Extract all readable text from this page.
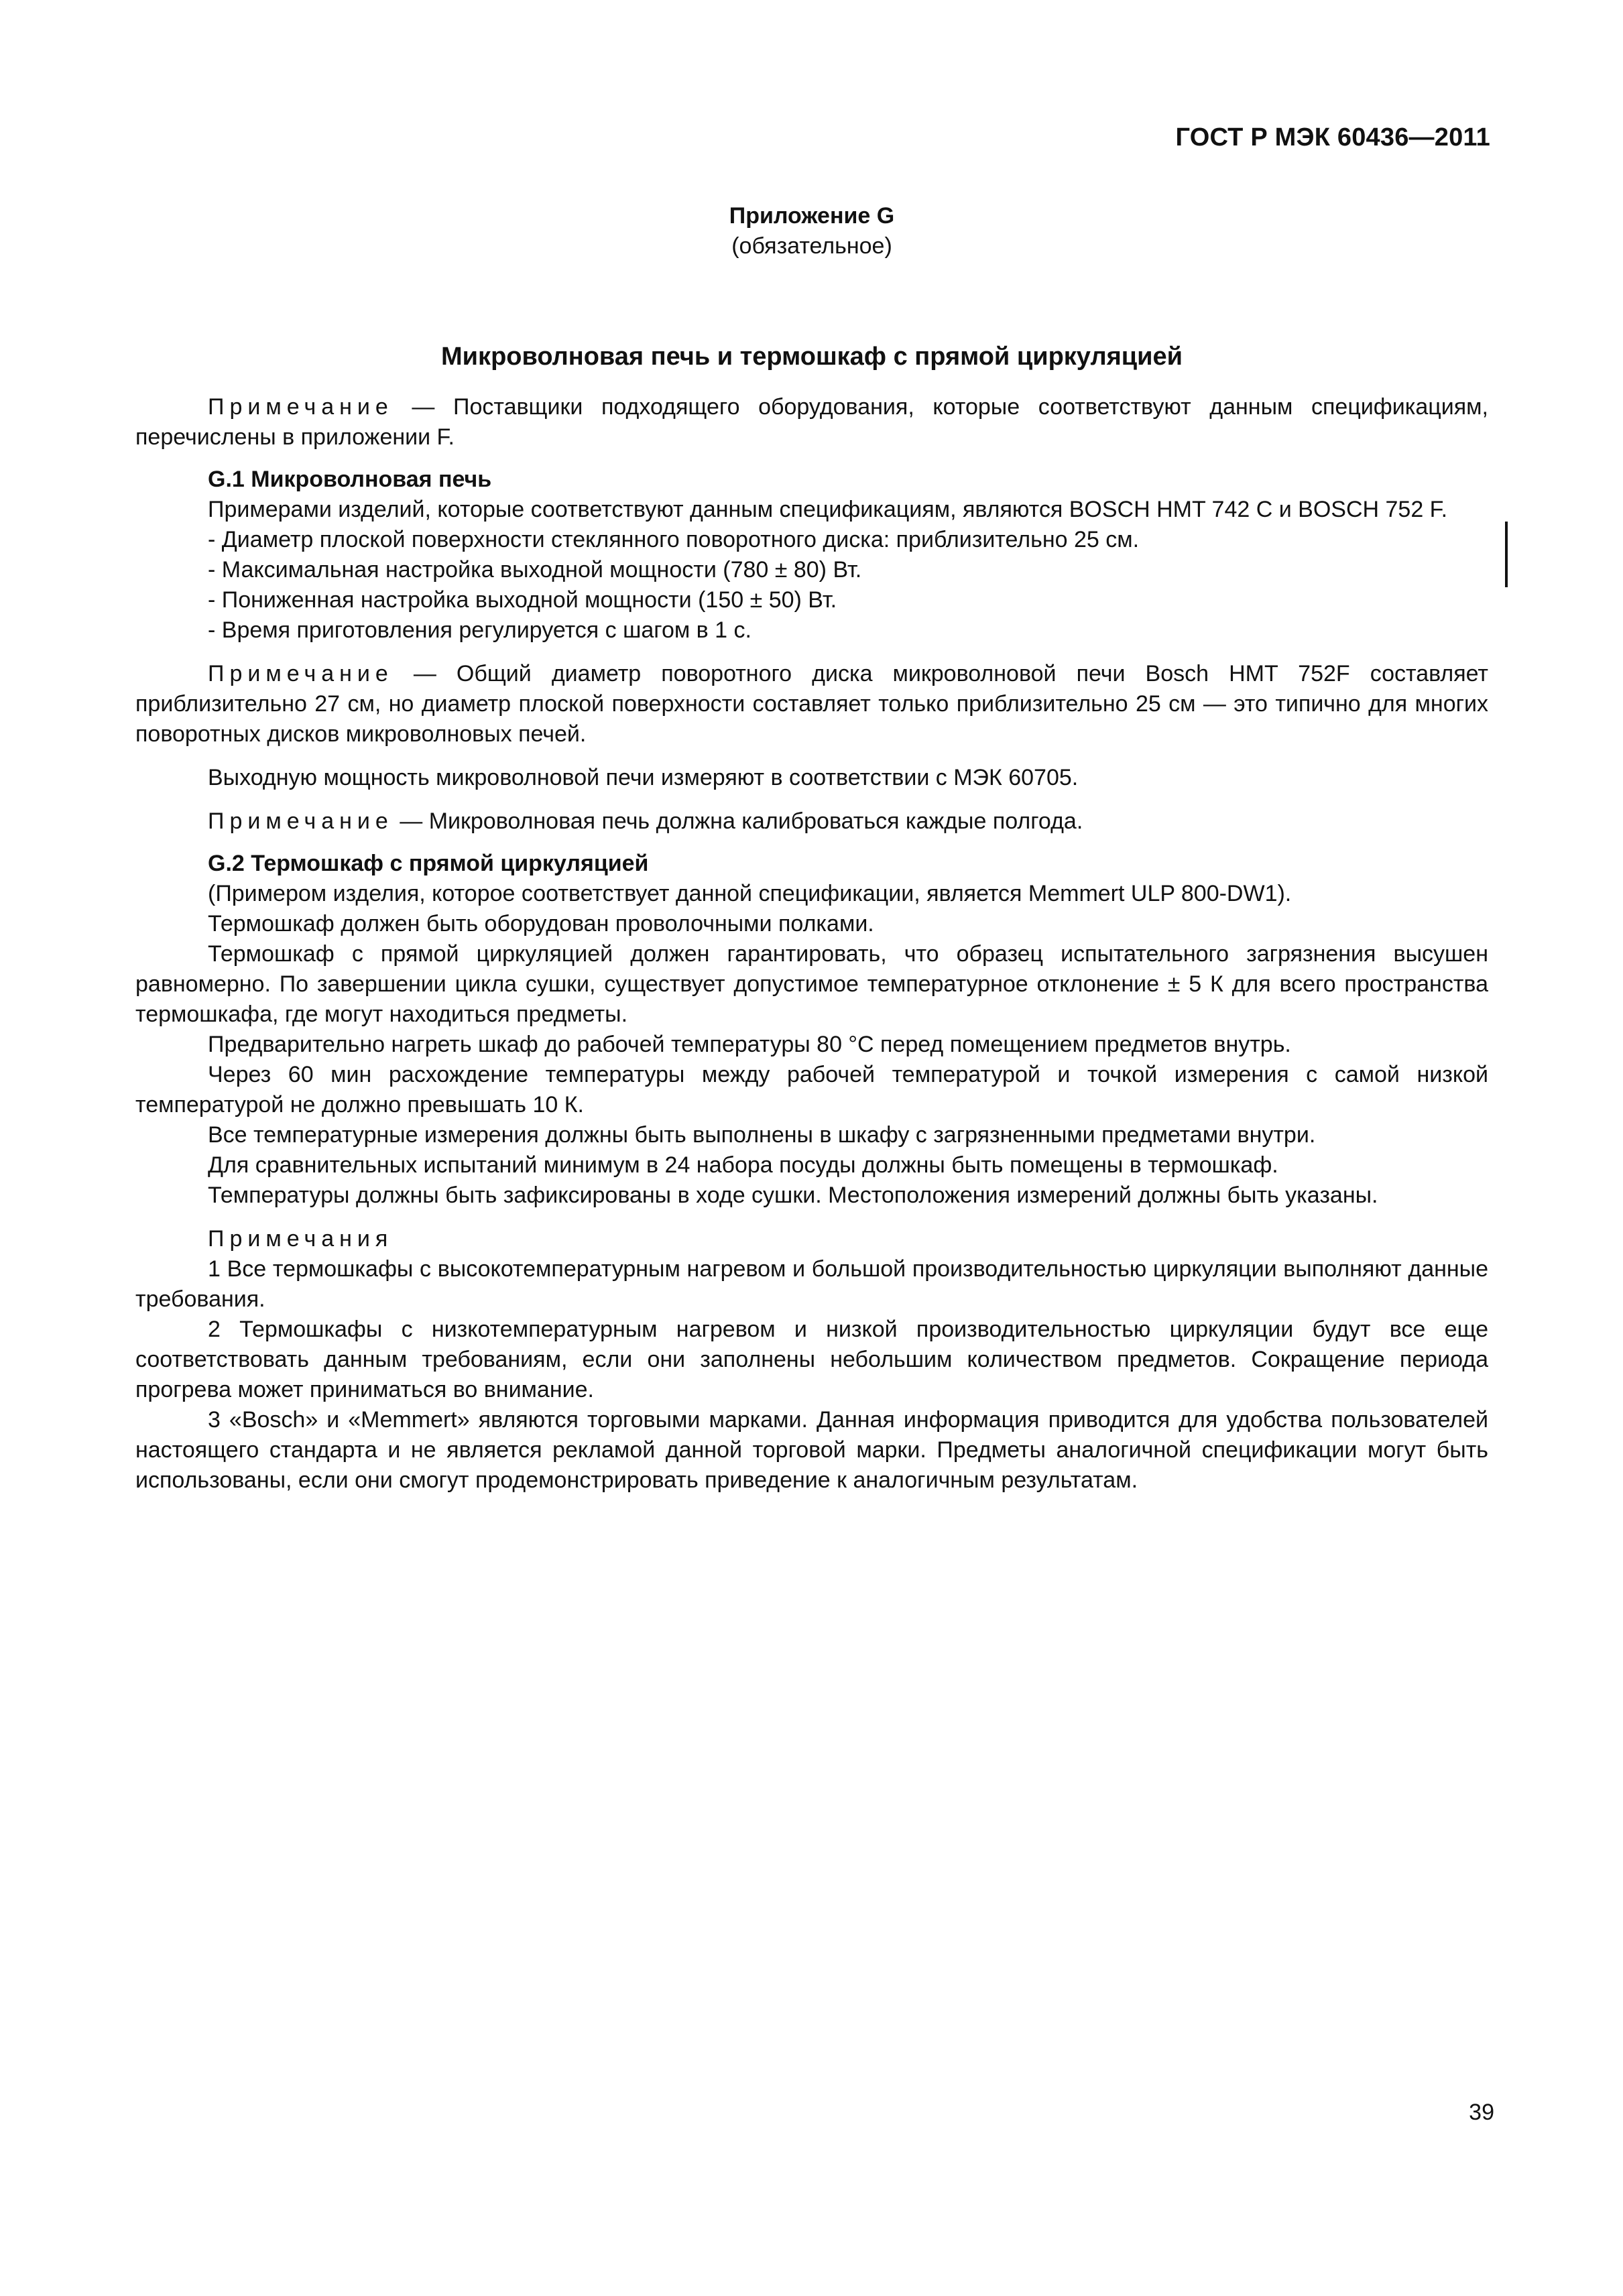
ГОСТ Р МЭК 60436—2011
Приложение G
(обязательное)
Микроволновая печь и термошкаф с прямой циркуляцией

Примечание — Поставщики подходящего оборудования, которые соответствуют данным спецификациям, перечислены в приложении F.

G.1 Микроволновая печь

Примерами изделий, которые соответствуют данным спецификациям, являются BOSCH HMT 742 C и BOSCH 752 F.

- Диаметр плоской поверхности стеклянного поворотного диска: приблизительно 25 см.

- Максимальная настройка выходной мощности (780 ± 80) Вт.

- Пониженная настройка выходной мощности (150 ± 50) Вт.

- Время приготовления регулируется с шагом в 1 с.

Примечание — Общий диаметр поворотного диска микроволновой печи Bosch HMT 752F составляет приблизительно 27 см, но диаметр плоской поверхности составляет только приблизительно 25 см — это типично для многих поворотных дисков микроволновых печей.

Выходную мощность микроволновой печи измеряют в соответствии с МЭК 60705.

Примечание — Микроволновая печь должна калиброваться каждые полгода.

G.2 Термошкаф с прямой циркуляцией

(Примером изделия, которое соответствует данной спецификации, является Memmert ULP 800-DW1).

Термошкаф должен быть оборудован проволочными полками.

Термошкаф с прямой циркуляцией должен гарантировать, что образец испытательного загрязнения высушен равномерно. По завершении цикла сушки, существует допустимое температурное отклонение ± 5 К для всего пространства термошкафа, где могут находиться предметы.

Предварительно нагреть шкаф до рабочей температуры 80 °С перед помещением предметов внутрь.

Через 60 мин расхождение температуры между рабочей температурой и точкой измерения с самой низкой температурой не должно превышать 10 К.

Все температурные измерения должны быть выполнены в шкафу с загрязненными предметами внутри.

Для сравнительных испытаний минимум в 24 набора посуды должны быть помещены в термошкаф.

Температуры должны быть зафиксированы в ходе сушки. Местоположения измерений должны быть указаны.

Примечания

1 Все термошкафы с высокотемпературным нагревом и большой производительностью циркуляции выполняют данные требования.

2 Термошкафы с низкотемпературным нагревом и низкой производительностью циркуляции будут все еще соответствовать данным требованиям, если они заполнены небольшим количеством предметов. Сокращение периода прогрева может приниматься во внимание.

3 «Bosch» и «Memmert» являются торговыми марками. Данная информация приводится для удобства пользователей настоящего стандарта и не является рекламой данной торговой марки. Предметы аналогичной спецификации могут быть использованы, если они смогут продемонстрировать приведение к аналогичным результатам.

39
